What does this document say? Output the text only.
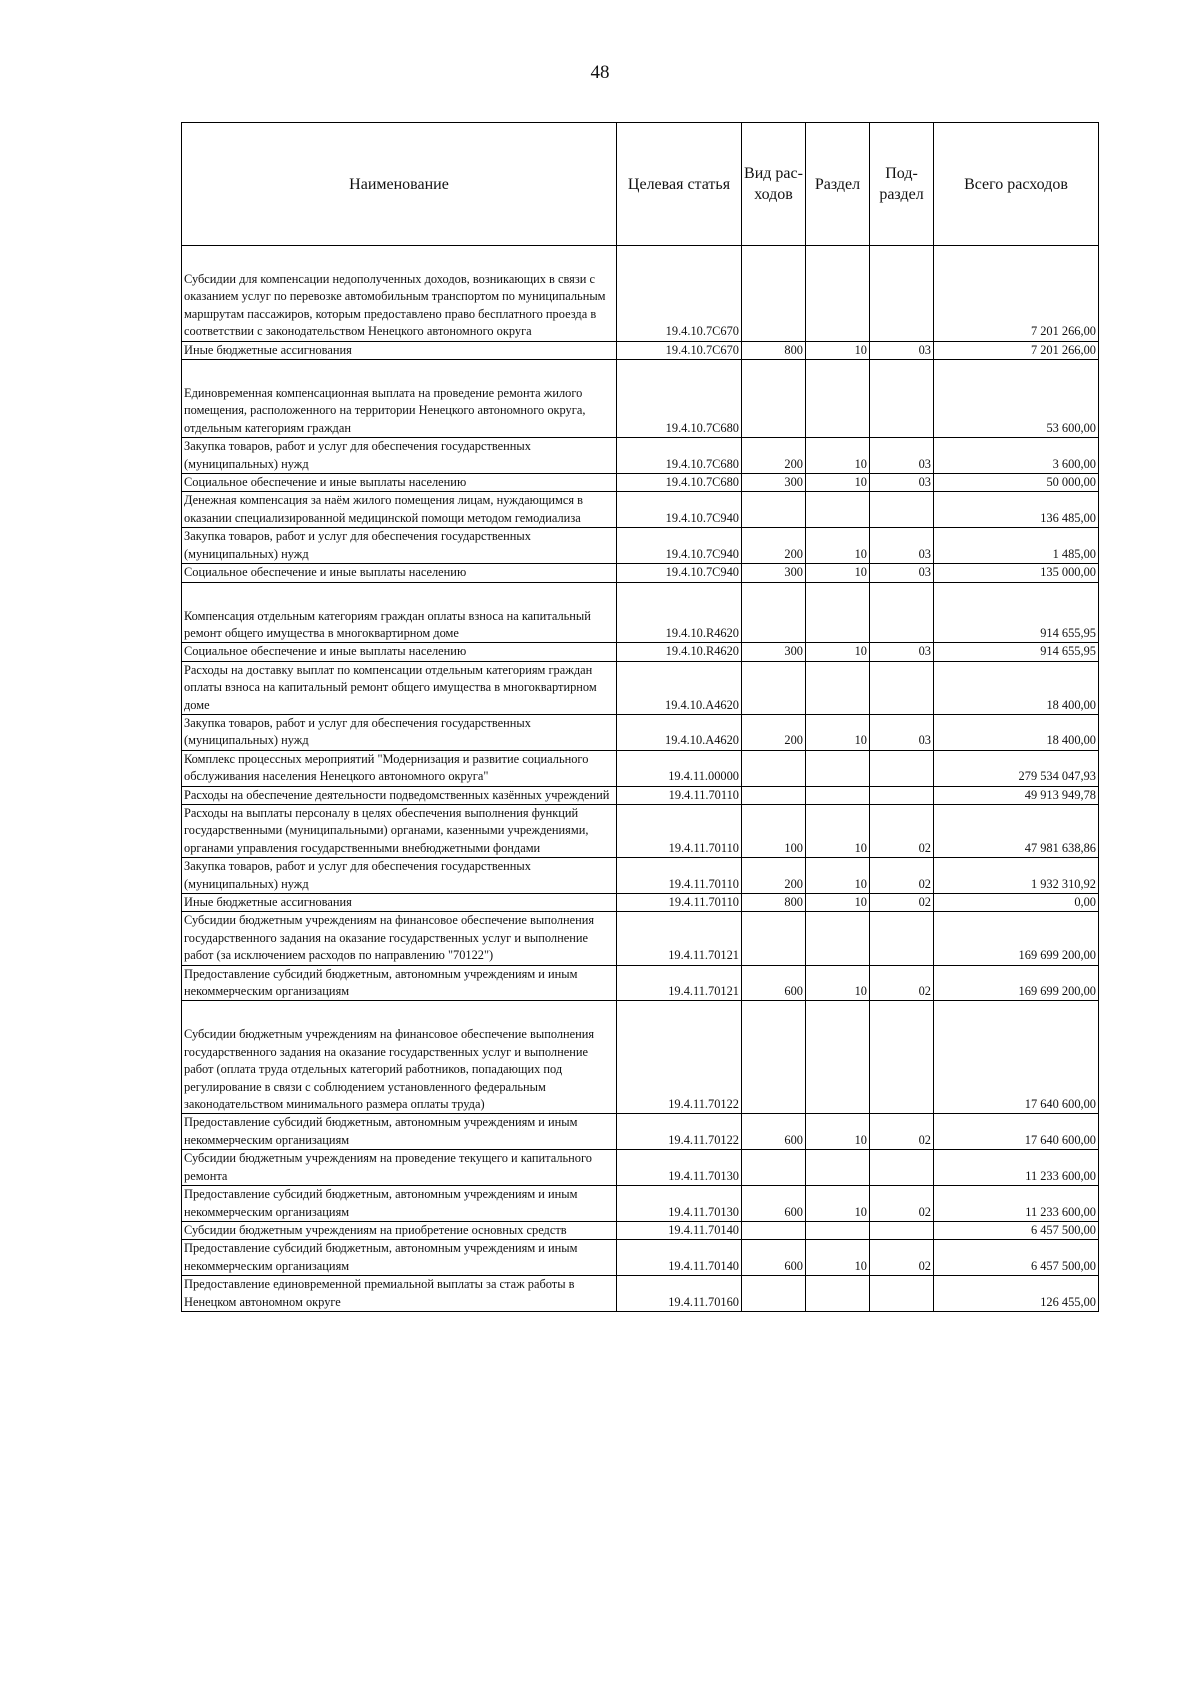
48
Наименование	Целевая статья	Вид рас-ходов	Раздел	Под-раздел	Всего расходов
Субсидии для компенсации недополученных доходов, возникающих в связи с оказанием услуг по перевозке автомобильным транспортом по муниципальным маршрутам пассажиров, которым предоставлено право бесплатного проезда в соответствии с законодательством Ненецкого автономного округа	19.4.10.7С670				7 201 266,00
Иные бюджетные ассигнования	19.4.10.7С670	800	10	03	7 201 266,00
Единовременная компенсационная выплата на проведение ремонта жилого помещения, расположенного на территории Ненецкого автономного округа, отдельным категориям граждан	19.4.10.7С680				53 600,00
Закупка товаров, работ и услуг для обеспечения государственных (муниципальных) нужд	19.4.10.7С680	200	10	03	3 600,00
Социальное обеспечение и иные выплаты населению	19.4.10.7С680	300	10	03	50 000,00
Денежная компенсация за наём жилого помещения лицам, нуждающимся в оказании специализированной медицинской помощи методом гемодиализа	19.4.10.7С940				136 485,00
Закупка товаров, работ и услуг для обеспечения государственных (муниципальных) нужд	19.4.10.7С940	200	10	03	1 485,00
Социальное обеспечение и иные выплаты населению	19.4.10.7С940	300	10	03	135 000,00
Компенсация отдельным категориям граждан оплаты взноса на капитальный ремонт общего имущества в многоквартирном доме	19.4.10.R4620				914 655,95
Социальное обеспечение и иные выплаты населению	19.4.10.R4620	300	10	03	914 655,95
Расходы на доставку выплат по компенсации отдельным категориям граждан оплаты взноса на капитальный ремонт общего имущества в многоквартирном доме	19.4.10.А4620				18 400,00
Закупка товаров, работ и услуг для обеспечения государственных (муниципальных) нужд	19.4.10.А4620	200	10	03	18 400,00
Комплекс процессных мероприятий "Модернизация и развитие социального обслуживания населения Ненецкого автономного округа"	19.4.11.00000				279 534 047,93
Расходы на обеспечение деятельности подведомственных казённых учреждений	19.4.11.70110				49 913 949,78
Расходы на выплаты персоналу в целях обеспечения выполнения функций государственными (муниципальными) органами, казенными учреждениями, органами управления государственными внебюджетными фондами	19.4.11.70110	100	10	02	47 981 638,86
Закупка товаров, работ и услуг для обеспечения государственных (муниципальных) нужд	19.4.11.70110	200	10	02	1 932 310,92
Иные бюджетные ассигнования	19.4.11.70110	800	10	02	0,00
Субсидии бюджетным учреждениям на финансовое обеспечение выполнения государственного задания на оказание государственных услуг и выполнение работ (за исключением расходов по направлению "70122")	19.4.11.70121				169 699 200,00
Предоставление субсидий бюджетным, автономным учреждениям и иным некоммерческим организациям	19.4.11.70121	600	10	02	169 699 200,00
Субсидии бюджетным учреждениям на финансовое обеспечение выполнения государственного задания на оказание государственных услуг и выполнение работ (оплата труда отдельных категорий работников, попадающих под регулирование в связи с соблюдением установленного федеральным законодательством минимального размера оплаты труда)	19.4.11.70122				17 640 600,00
Предоставление субсидий бюджетным, автономным учреждениям и иным некоммерческим организациям	19.4.11.70122	600	10	02	17 640 600,00
Субсидии бюджетным учреждениям на проведение текущего и капитального ремонта	19.4.11.70130				11 233 600,00
Предоставление субсидий бюджетным, автономным учреждениям и иным некоммерческим организациям	19.4.11.70130	600	10	02	11 233 600,00
Субсидии бюджетным учреждениям на приобретение основных средств	19.4.11.70140				6 457 500,00
Предоставление субсидий бюджетным, автономным учреждениям и иным некоммерческим организациям	19.4.11.70140	600	10	02	6 457 500,00
Предоставление единовременной премиальной выплаты за стаж работы в Ненецком автономном округе	19.4.11.70160				126 455,00
